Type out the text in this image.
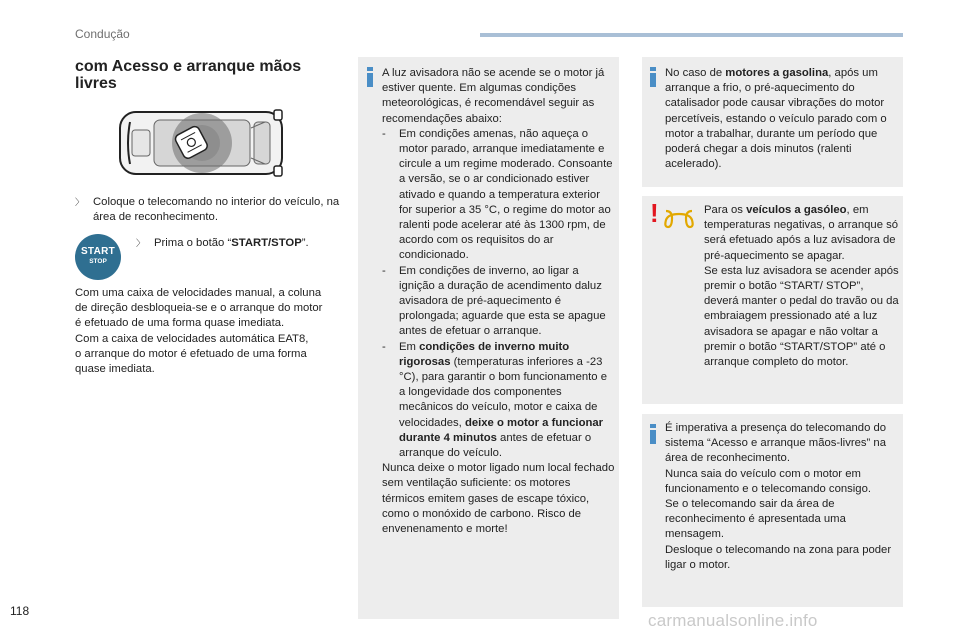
Condução
com Acesso e arranque mãos livres
〉 Coloque o telecomando no interior do veículo, na área de reconhecimento.
START
STOP
〉 Prima o botão “START/STOP”.
Com uma caixa de velocidades manual, a coluna
de direção desbloqueia-se e o arranque do motor
é efetuado de uma forma quase imediata.
Com a caixa de velocidades automática EAT8,
o arranque do motor é efetuado de uma forma
quase imediata.
A luz avisadora não se acende se o motor já estiver quente. Em algumas condições meteorológicas, é recomendável seguir as recomendações abaixo:
- Em condições amenas, não aqueça o motor parado, arranque imediatamente e circule a um regime moderado. Consoante a versão, se o ar condicionado estiver ativado e quando a temperatura exterior for superior a 35 °C, o regime do motor ao ralenti pode acelerar até às 1300 rpm, de acordo com os requisitos do ar condicionado.
- Em condições de inverno, ao ligar a ignição a duração de acendimento daluz avisadora de pré-aquecimento é prolongada; aguarde que esta se apague antes de efetuar o arranque.
- Em condições de inverno muito rigorosas (temperaturas inferiores a -23 °C), para garantir o bom funcionamento e a longevidade dos componentes mecânicos do veículo, motor e caixa de velocidades, deixe o motor a funcionar durante 4 minutos antes de efetuar o arranque do veículo.
Nunca deixe o motor ligado num local fechado sem ventilação suficiente: os motores térmicos emitem gases de escape tóxico, como o monóxido de carbono. Risco de envenenamento e morte!
No caso de motores a gasolina, após um arranque a frio, o pré-aquecimento do catalisador pode causar vibrações do motor percetíveis, estando o veículo parado com o motor a trabalhar, durante um período que poderá chegar a dois minutos (ralenti acelerado).
!	Para os veículos a gasóleo, em temperaturas negativas, o arranque só será efetuado após a luz avisadora de pré-aquecimento se apagar.
Se esta luz avisadora se acender após premir o botão “START/ STOP”, deverá manter o pedal do travão ou da embraiagem pressionado até a luz avisadora se apagar e não voltar a premir o botão “START/STOP” até o arranque completo do motor.
É imperativa a presença do telecomando do sistema “Acesso e arranque mãos-livres” na área de reconhecimento.
Nunca saia do veículo com o motor em funcionamento e o telecomando consigo.
Se o telecomando sair da área de reconhecimento é apresentada uma mensagem.
Desloque o telecomando na zona para poder ligar o motor.
118	carmanualsonline.info
